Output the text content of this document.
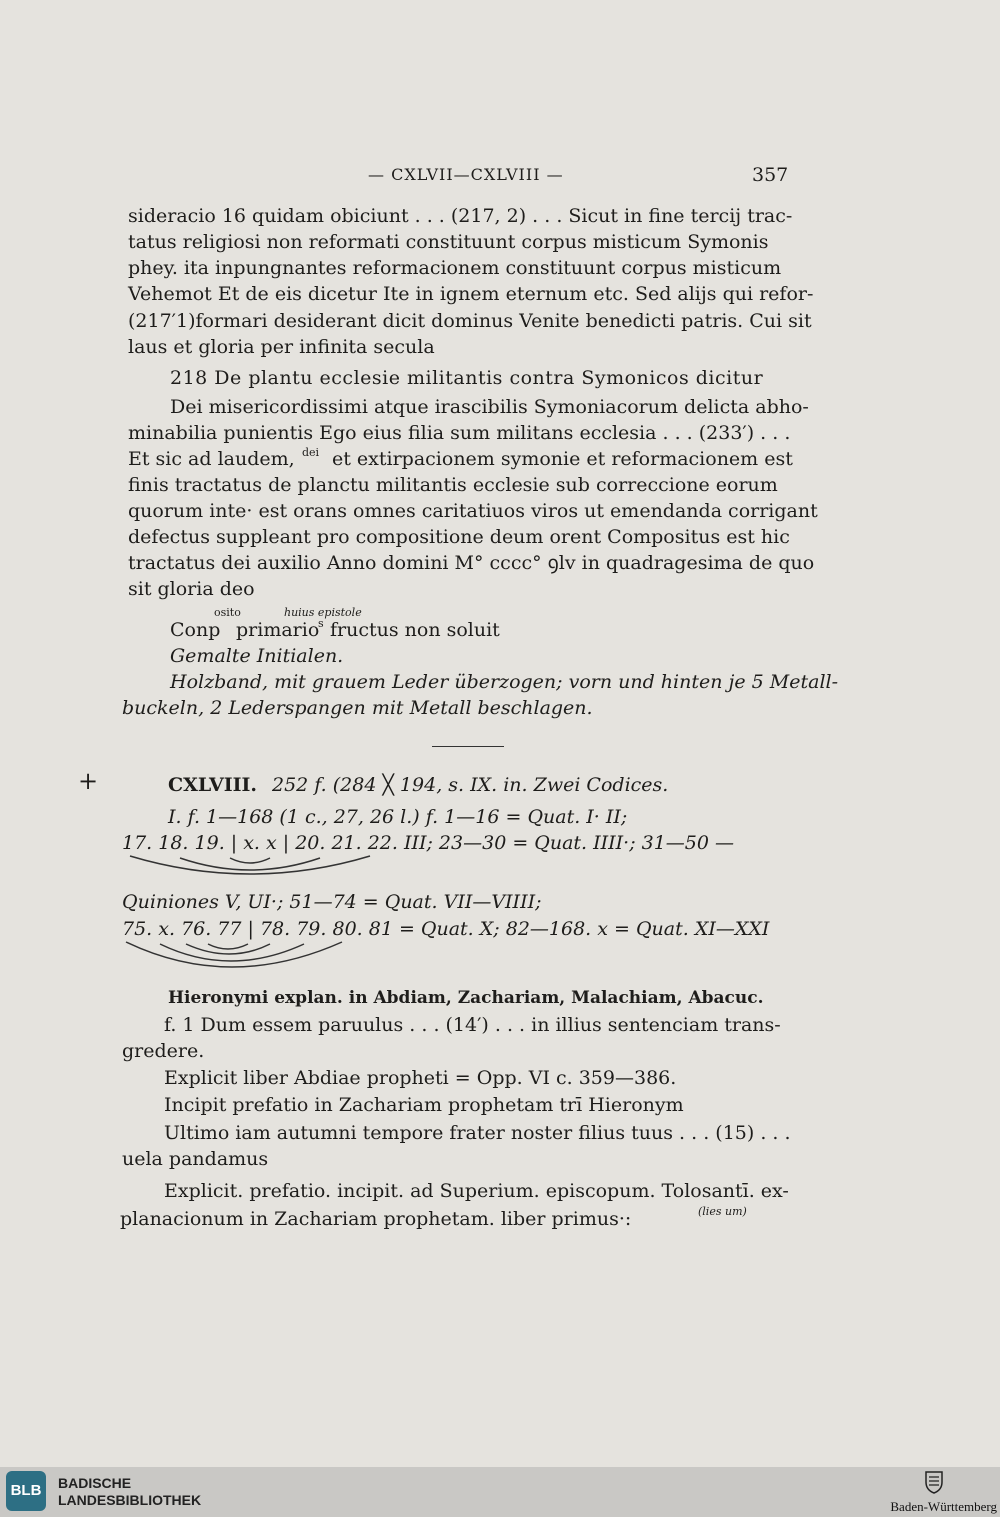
— CXLVII—CXLVIII —	357
sideracio 16 quidam obiciunt . . . (217, 2) . . . Sicut in fine tercij trac-
tatus religiosi non reformati constituunt corpus misticum Symonis
phey. ita inpungnantes reformacionem constituunt corpus misticum
Vehemot Et de eis dicetur Ite in ignem eternum etc. Sed alijs qui refor-
(217′1)formari desiderant dicit dominus Venite benedicti patris. Cui sit
laus et gloria per infinita secula
218 De plantu ecclesie militantis contra Symonicos dicitur
Dei misericordissimi atque irascibilis Symoniacorum delicta abho-
minabilia punientis Ego eius filia sum militans ecclesia . . . (233′) . . .
Et sic ad laudem, dei et extirpacionem symonie et reformacionem est
finis tractatus de planctu militantis ecclesie sub correccione eorum
quorum inte· est orans omnes caritatiuos viros ut emendanda corrigant
defectus suppleant pro compositione deum orent Compositus est hic
tractatus dei auxilio Anno domini M° cccc° ꝯlv in quadragesima de quo
sit gloria deo
osito	huius epistole
Conp primario
s fructus non soluit
Gemalte Initialen.
Holzband, mit grauem Leder überzogen; vorn und hinten je 5 Metall-
buckeln, 2 Lederspangen mit Metall beschlagen.
+	CXLVIII. 252 f. (284 ╳ 194, s. IX. in. Zwei Codices.
I. f. 1—168 (1 c., 27, 26 l.) f. 1—16 = Quat. I· II;
17. 18. 19. | x. x | 20. 21. 22. III; 23—30 = Quat. IIII·; 31—50 —
Quiniones V, UI·; 51—74 = Quat. VII—VIIII;
75. x. 76. 77 | 78. 79. 80. 81 = Quat. X; 82—168. x = Quat. XI—XXI
Hieronymi explan. in Abdiam, Zachariam, Malachiam, Abacuc.
f. 1 Dum essem paruulus . . . (14′) . . . in illius sentenciam trans-
gredere.
Explicit liber Abdiae propheti = Opp. VI c. 359—386.
Incipit prefatio in Zachariam prophetam trī Hieronym
Ultimo iam autumni tempore frater noster filius tuus . . . (15) . . .
uela pandamus
Explicit. prefatio. incipit. ad Superium. episcopum. Tolosantī. ex-
(lies um)
planacionum in Zachariam prophetam. liber primus·:
BLB	BADISCHE
LANDESBIBLIOTHEK	Baden-Württemberg
